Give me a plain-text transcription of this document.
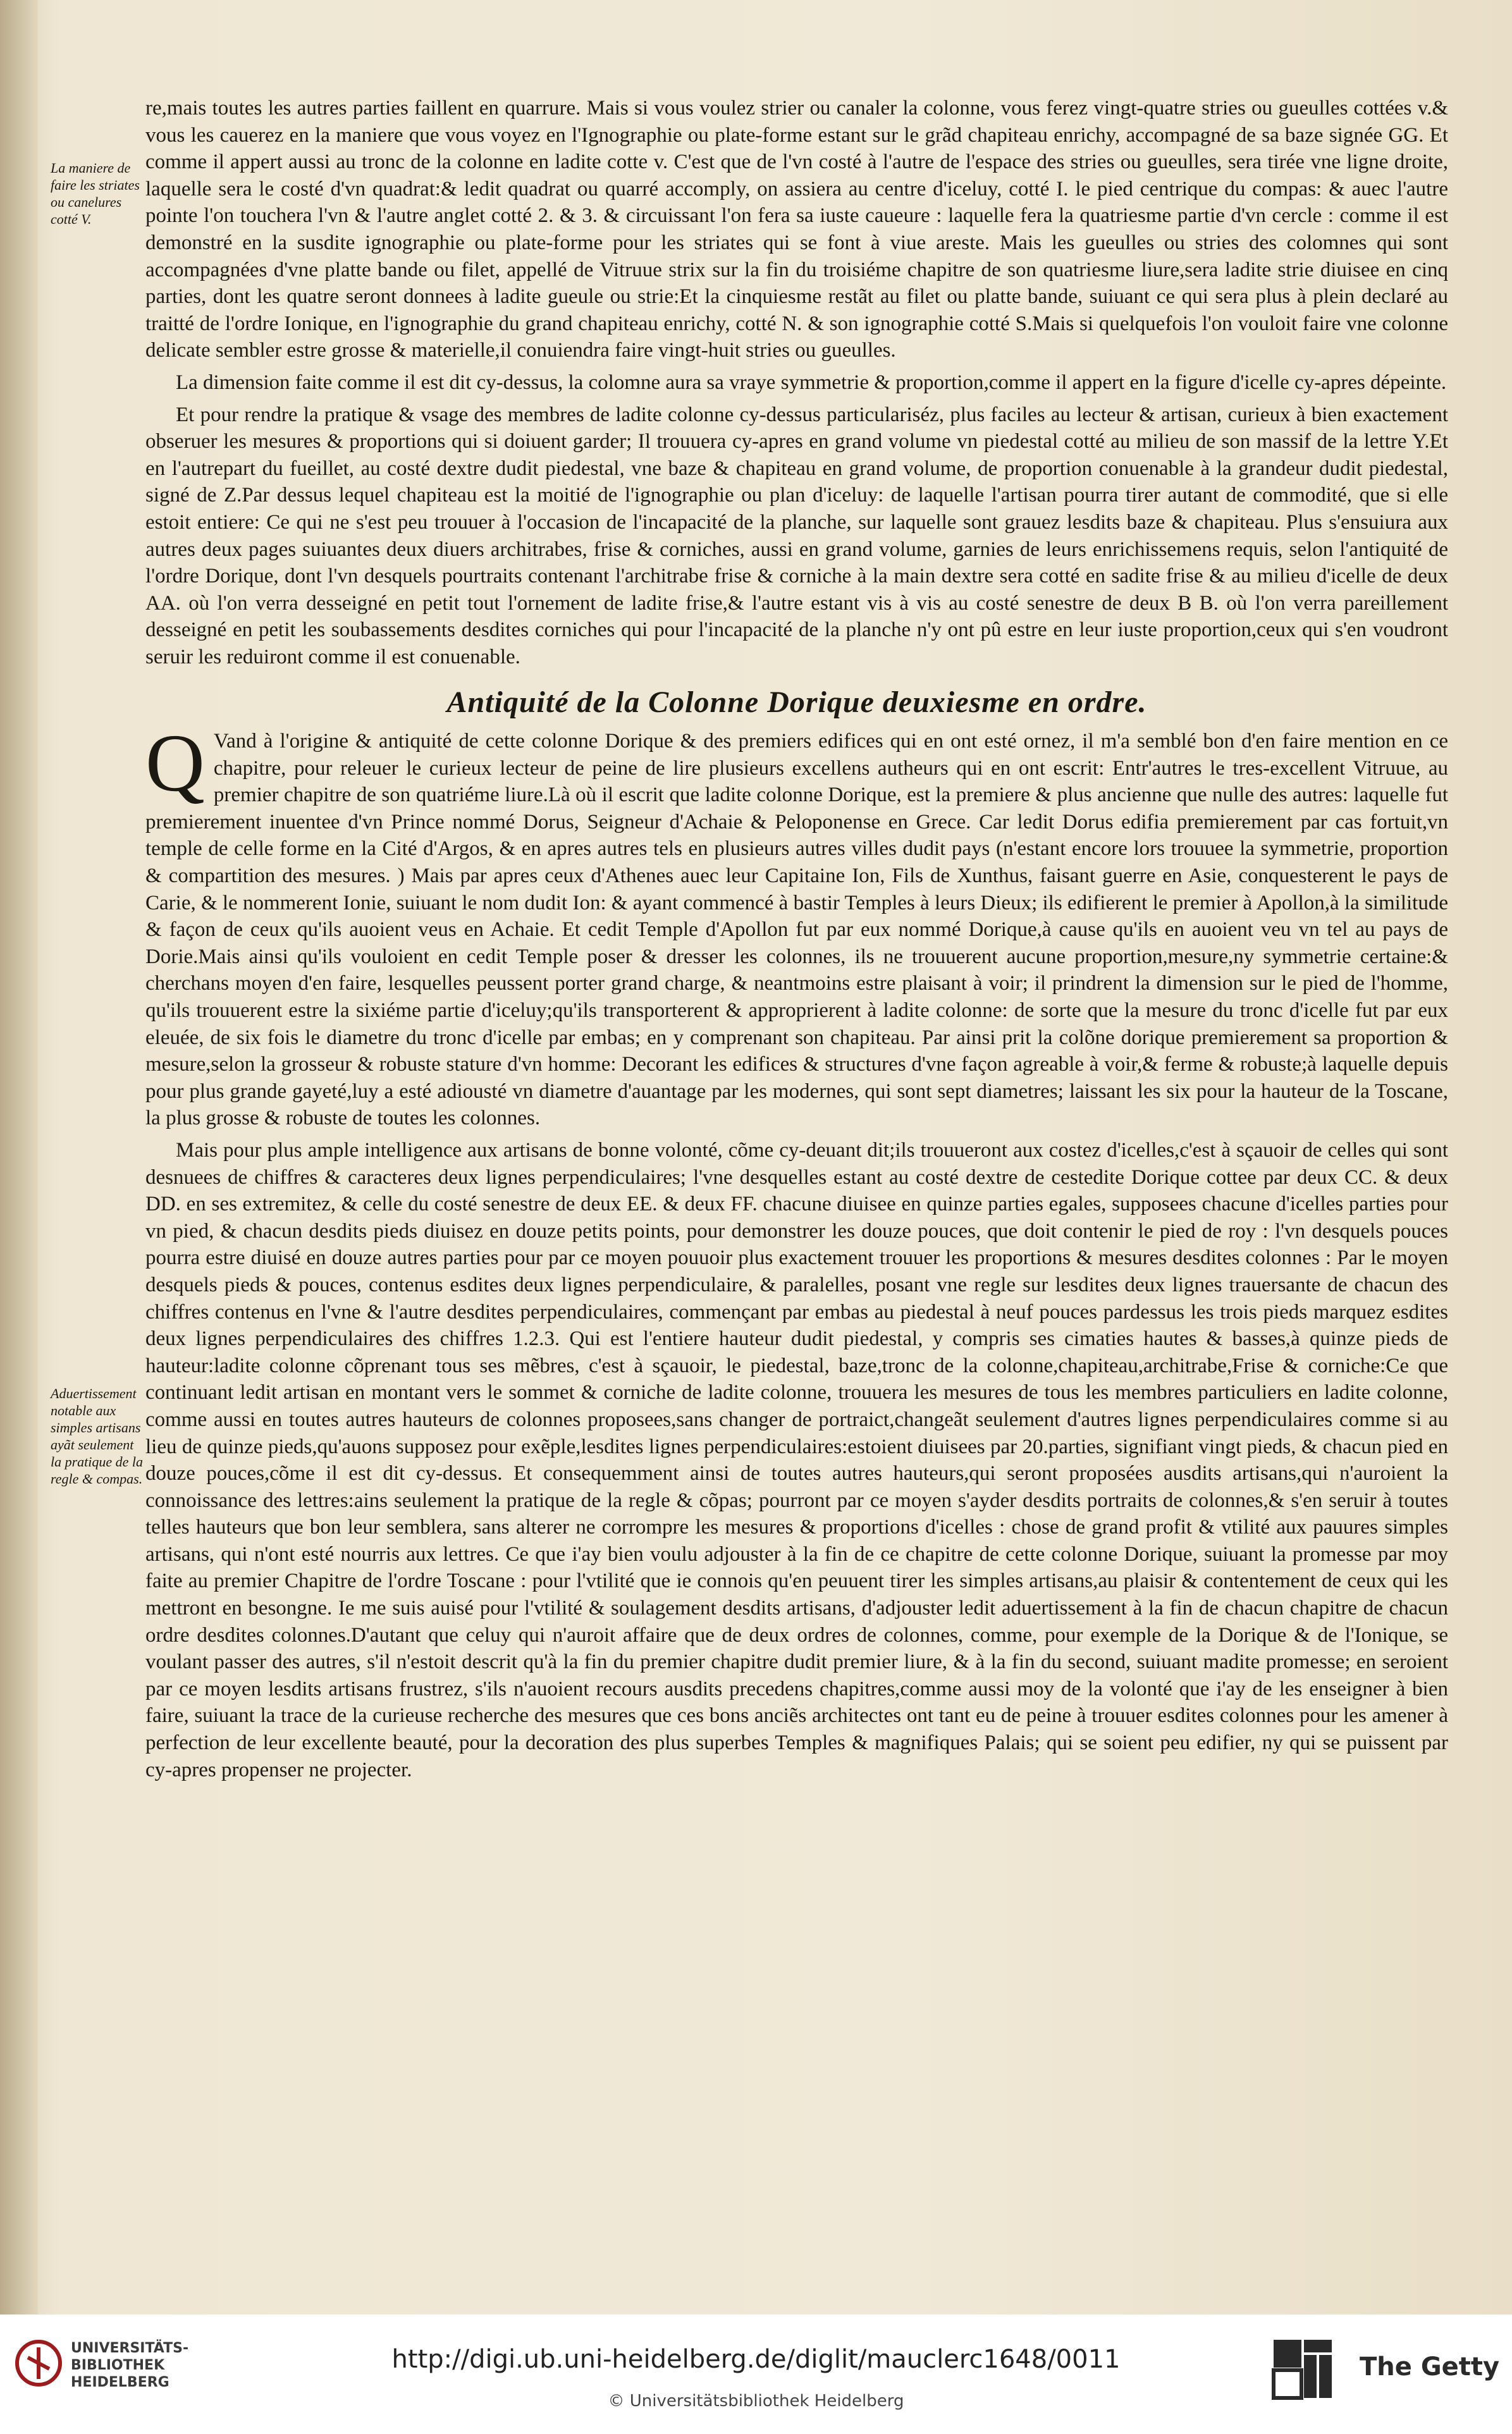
La maniere de faire les striates ou canelures cotté V.
Aduertissement notable aux simples artisans ayãt seulement la pratique de la regle & compas.

re,mais toutes les autres parties faillent en quarrure. Mais si vous voulez strier ou canaler la colonne, vous ferez vingt-quatre stries ou gueulles cottées v.& vous les cauerez en la maniere que vous voyez en l'Ignographie ou plate-forme estant sur le grãd chapiteau enrichy, accompagné de sa baze signée GG. Et comme il appert aussi au tronc de la colonne en ladite cotte v. C'est que de l'vn costé à l'autre de l'espace des stries ou gueulles, sera tirée vne ligne droite, laquelle sera le costé d'vn quadrat:& ledit quadrat ou quarré accomply, on assiera au centre d'iceluy, cotté I. le pied centrique du compas: & auec l'autre pointe l'on touchera l'vn & l'autre anglet cotté 2. & 3. & circuissant l'on fera sa iuste caueure : laquelle fera la quatriesme partie d'vn cercle : comme il est demonstré en la susdite ignographie ou plate-forme pour les striates qui se font à viue areste. Mais les gueulles ou stries des colomnes qui sont accompagnées d'vne platte bande ou filet, appellé de Vitruue strix sur la fin du troisiéme chapitre de son quatriesme liure,sera ladite strie diuisee en cinq parties, dont les quatre seront donnees à ladite gueule ou strie:Et la cinquiesme restãt au filet ou platte bande, suiuant ce qui sera plus à plein declaré au traitté de l'ordre Ionique, en l'ignographie du grand chapiteau enrichy, cotté N. & son ignographie cotté S.Mais si quelquefois l'on vouloit faire vne colonne delicate sembler estre grosse & materielle,il conuiendra faire vingt-huit stries ou gueulles.

La dimension faite comme il est dit cy-dessus, la colomne aura sa vraye symmetrie & proportion,comme il appert en la figure d'icelle cy-apres dépeinte.

Et pour rendre la pratique & vsage des membres de ladite colonne cy-dessus particulariséz, plus faciles au lecteur & artisan, curieux à bien exactement obseruer les mesures & proportions qui si doiuent garder; Il trouuera cy-apres en grand volume vn piedestal cotté au milieu de son massif de la lettre Y.Et en l'autrepart du fueillet, au costé dextre dudit piedestal, vne baze & chapiteau en grand volume, de proportion conuenable à la grandeur dudit piedestal, signé de Z.Par dessus lequel chapiteau est la moitié de l'ignographie ou plan d'iceluy: de laquelle l'artisan pourra tirer autant de commodité, que si elle estoit entiere: Ce qui ne s'est peu trouuer à l'occasion de l'incapacité de la planche, sur laquelle sont grauez lesdits baze & chapiteau. Plus s'ensuiura aux autres deux pages suiuantes deux diuers architrabes, frise & corniches, aussi en grand volume, garnies de leurs enrichissemens requis, selon l'antiquité de l'ordre Dorique, dont l'vn desquels pourtraits contenant l'architrabe frise & corniche à la main dextre sera cotté en sadite frise & au milieu d'icelle de deux AA. où l'on verra desseigné en petit tout l'ornement de ladite frise,& l'autre estant vis à vis au costé senestre de deux B B. où l'on verra pareillement desseigné en petit les soubassements desdites corniches qui pour l'incapacité de la planche n'y ont pû estre en leur iuste proportion,ceux qui s'en voudront seruir les reduiront comme il est conuenable.

Antiquité de la Colonne Dorique deuxiesme en ordre.

Q Vand à l'origine & antiquité de cette colonne Dorique & des premiers edifices qui en ont esté ornez, il m'a semblé bon d'en faire mention en ce chapitre, pour releuer le curieux lecteur de peine de lire plusieurs excellens autheurs qui en ont escrit: Entr'autres le tres-excellent Vitruue, au premier chapitre de son quatriéme liure.Là où il escrit que ladite colonne Dorique, est la premiere & plus ancienne que nulle des autres: laquelle fut premierement inuentee d'vn Prince nommé Dorus, Seigneur d'Achaie & Peloponense en Grece. Car ledit Dorus edifia premierement par cas fortuit,vn temple de celle forme en la Cité d'Argos, & en apres autres tels en plusieurs autres villes dudit pays (n'estant encore lors trouuee la symmetrie, proportion & compartition des mesures. ) Mais par apres ceux d'Athenes auec leur Capitaine Ion, Fils de Xunthus, faisant guerre en Asie, conquesterent le pays de Carie, & le nommerent Ionie, suiuant le nom dudit Ion: & ayant commencé à bastir Temples à leurs Dieux; ils edifierent le premier à Apollon,à la similitude & façon de ceux qu'ils auoient veus en Achaie. Et cedit Temple d'Apollon fut par eux nommé Dorique,à cause qu'ils en auoient veu vn tel au pays de Dorie.Mais ainsi qu'ils vouloient en cedit Temple poser & dresser les colonnes, ils ne trouuerent aucune proportion,mesure,ny symmetrie certaine:& cherchans moyen d'en faire, lesquelles peussent porter grand charge, & neantmoins estre plaisant à voir; il prindrent la dimension sur le pied de l'homme, qu'ils trouuerent estre la sixiéme partie d'iceluy;qu'ils transporterent & approprierent à ladite colonne: de sorte que la mesure du tronc d'icelle fut par eux eleuée, de six fois le diametre du tronc d'icelle par embas; en y comprenant son chapiteau. Par ainsi prit la colõne dorique premierement sa proportion & mesure,selon la grosseur & robuste stature d'vn homme: Decorant les edifices & structures d'vne façon agreable à voir,& ferme & robuste;à laquelle depuis pour plus grande gayeté,luy a esté adiousté vn diametre d'auantage par les modernes, qui sont sept diametres; laissant les six pour la hauteur de la Toscane, la plus grosse & robuste de toutes les colonnes.

Mais pour plus ample intelligence aux artisans de bonne volonté, cõme cy-deuant dit;ils trouueront aux costez d'icelles,c'est à sçauoir de celles qui sont desnuees de chiffres & caracteres deux lignes perpendiculaires; l'vne desquelles estant au costé dextre de cestedite Dorique cottee par deux CC. & deux DD. en ses extremitez, & celle du costé senestre de deux EE. & deux FF. chacune diuisee en quinze parties egales, supposees chacune d'icelles parties pour vn pied, & chacun desdits pieds diuisez en douze petits points, pour demonstrer les douze pouces, que doit contenir le pied de roy : l'vn desquels pouces pourra estre diuisé en douze autres parties pour par ce moyen pouuoir plus exactement trouuer les proportions & mesures desdites colonnes : Par le moyen desquels pieds & pouces, contenus esdites deux lignes perpendiculaire, & paralelles, posant vne regle sur lesdites deux lignes trauersante de chacun des chiffres contenus en l'vne & l'autre desdites perpendiculaires, commençant par embas au piedestal à neuf pouces pardessus les trois pieds marquez esdites deux lignes perpendiculaires des chiffres 1.2.3. Qui est l'entiere hauteur dudit piedestal, y compris ses cimaties hautes & basses,à quinze pieds de hauteur:ladite colonne cõprenant tous ses mẽbres, c'est à sçauoir, le piedestal, baze,tronc de la colonne,chapiteau,architrabe,Frise & corniche:Ce que continuant ledit artisan en montant vers le sommet & corniche de ladite colonne, trouuera les mesures de tous les membres particuliers en ladite colonne, comme aussi en toutes autres hauteurs de colonnes proposees,sans changer de portraict,changeãt seulement d'autres lignes perpendiculaires comme si au lieu de quinze pieds,qu'auons supposez pour exẽple,lesdites lignes perpendiculaires:estoient diuisees par 20.parties, signifiant vingt pieds, & chacun pied en douze pouces,cõme il est dit cy-dessus. Et consequemment ainsi de toutes autres hauteurs,qui seront proposées ausdits artisans,qui n'auroient la connoissance des lettres:ains seulement la pratique de la regle & cõpas; pourront par ce moyen s'ayder desdits portraits de colonnes,& s'en seruir à toutes telles hauteurs que bon leur semblera, sans alterer ne corrompre les mesures & proportions d'icelles : chose de grand profit & vtilité aux pauures simples artisans, qui n'ont esté nourris aux lettres. Ce que i'ay bien voulu adjouster à la fin de ce chapitre de cette colonne Dorique, suiuant la promesse par moy faite au premier Chapitre de l'ordre Toscane : pour l'vtilité que ie connois qu'en peuuent tirer les simples artisans,au plaisir & contentement de ceux qui les mettront en besongne. Ie me suis auisé pour l'vtilité & soulagement desdits artisans, d'adjouster ledit aduertissement à la fin de chacun chapitre de chacun ordre desdites colonnes.D'autant que celuy qui n'auroit affaire que de deux ordres de colonnes, comme, pour exemple de la Dorique & de l'Ionique, se voulant passer des autres, s'il n'estoit descrit qu'à la fin du premier chapitre dudit premier liure, & à la fin du second, suiuant madite promesse; en seroient par ce moyen lesdits artisans frustrez, s'ils n'auoient recours ausdits precedens chapitres,comme aussi moy de la volonté que i'ay de les enseigner à bien faire, suiuant la trace de la curieuse recherche des mesures que ces bons anciẽs architectes ont tant eu de peine à trouuer esdites colonnes pour les amener à perfection de leur excellente beauté, pour la decoration des plus superbes Temples & magnifiques Palais; qui se soient peu edifier, ny qui se puissent par cy-apres propenser ne projecter.

UNIVERSITÄTS-
BIBLIOTHEK
HEIDELBERG
http://digi.ub.uni-heidelberg.de/diglit/mauclerc1648/0011
© Universitätsbibliothek Heidelberg
The Getty
